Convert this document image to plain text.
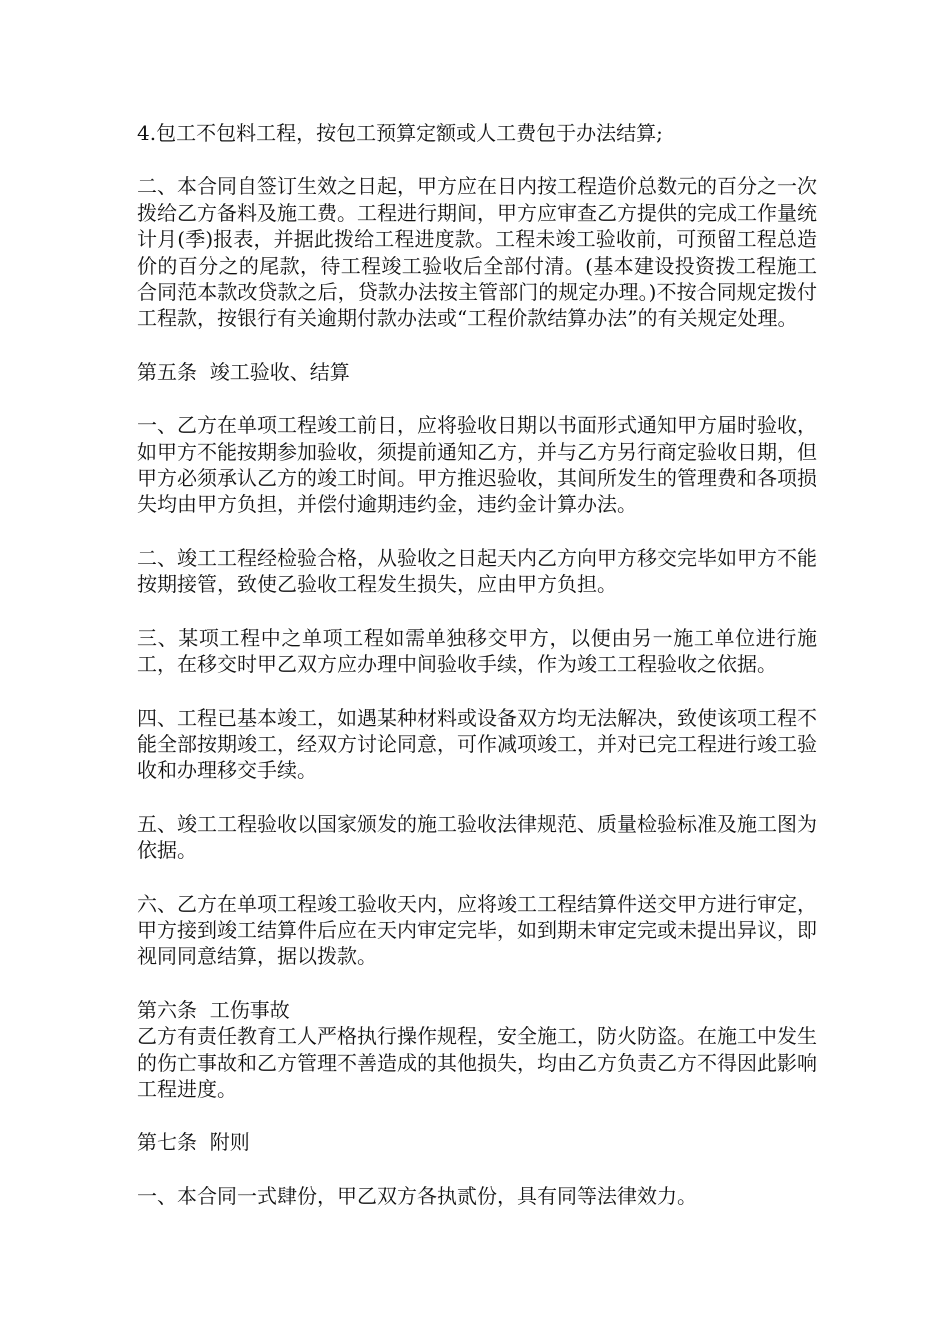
4.包工不包料工程，按包工预算定额或人工费包于办法结算;

二、本合同自签订生效之日起，甲方应在日内按工程造价总数元的百分之一次拨给乙方备料及施工费。工程进行期间，甲方应审查乙方提供的完成工作量统计月(季)报表，并据此拨给工程进度款。工程未竣工验收前，可预留工程总造价的百分之的尾款，待工程竣工验收后全部付清。(基本建设投资拨工程施工合同范本款改贷款之后，贷款办法按主管部门的规定办理。)不按合同规定拨付工程款，按银行有关逾期付款办法或“工程价款结算办法”的有关规定处理。

第五条  竣工验收、结算

一、乙方在单项工程竣工前日，应将验收日期以书面形式通知甲方届时验收，如甲方不能按期参加验收，须提前通知乙方，并与乙方另行商定验收日期，但甲方必须承认乙方的竣工时间。甲方推迟验收，其间所发生的管理费和各项损失均由甲方负担，并偿付逾期违约金，违约金计算办法。

二、竣工工程经检验合格，从验收之日起天内乙方向甲方移交完毕如甲方不能按期接管，致使乙验收工程发生损失，应由甲方负担。

三、某项工程中之单项工程如需单独移交甲方，以便由另一施工单位进行施工，在移交时甲乙双方应办理中间验收手续，作为竣工工程验收之依据。

四、工程已基本竣工，如遇某种材料或设备双方均无法解决，致使该项工程不能全部按期竣工，经双方讨论同意，可作减项竣工，并对已完工程进行竣工验收和办理移交手续。

五、竣工工程验收以国家颁发的施工验收法律规范、质量检验标准及施工图为依据。

六、乙方在单项工程竣工验收天内，应将竣工工程结算件送交甲方进行审定，甲方接到竣工结算件后应在天内审定完毕，如到期未审定完或未提出异议，即视同同意结算，据以拨款。

第六条  工伤事故

乙方有责任教育工人严格执行操作规程，安全施工，防火防盗。在施工中发生的伤亡事故和乙方管理不善造成的其他损失，均由乙方负责乙方不得因此影响工程进度。

第七条  附则

一、本合同一式肆份，甲乙双方各执贰份，具有同等法律效力。
